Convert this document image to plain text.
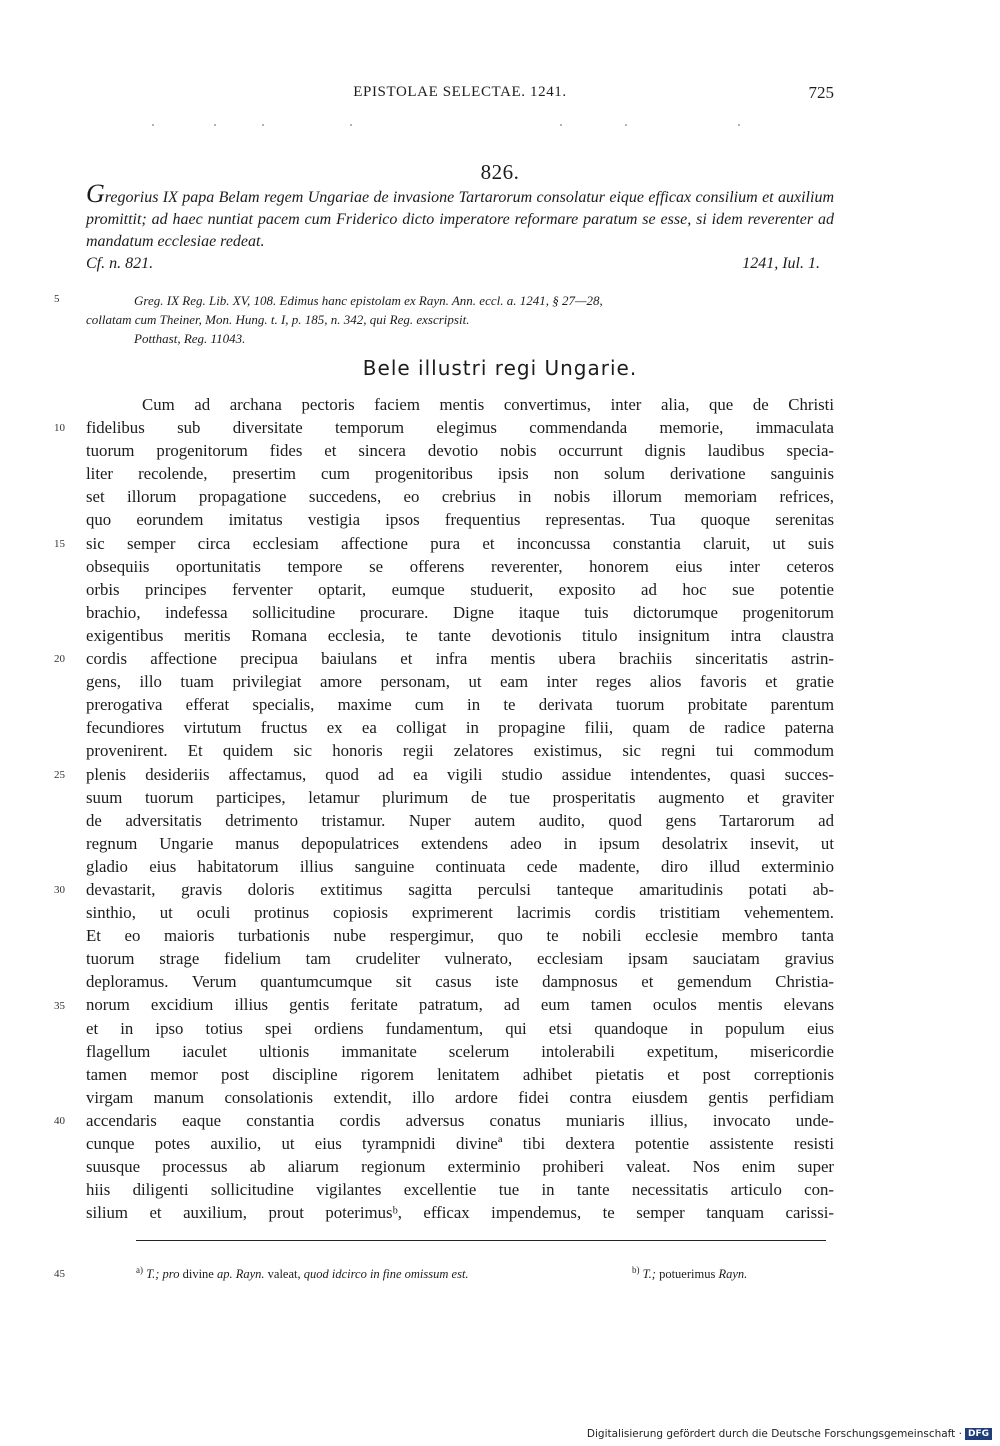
EPISTOLAE SELECTAE. 1241.	725
826.

Gregorius IX papa Belam regem Ungariae de invasione Tartarorum consolatur eique efficax consilium et auxilium promittit; ad haec nuntiat pacem cum Friderico dicto imperatore reformare paratum se esse, si idem reverenter ad mandatum ecclesiae redeat.

Cf. n. 821.	1241, Iul. 1.
Greg. IX Reg. Lib. XV, 108. Edimus hanc epistolam ex Rayn. Ann. eccl. a. 1241, § 27—28,
collatam cum Theiner, Mon. Hung. t. I, p. 185, n. 342, qui Reg. exscripsit.
Potthast, Reg. 11043.
Bele illustri regi Ungarie.
Cum ad archana pectoris faciem mentis convertimus, inter alia, que de Christi
fidelibus sub diversitate temporum elegimus commendanda memorie, immaculata
tuorum progenitorum fides et sincera devotio nobis occurrunt dignis laudibus specia-
liter recolende, presertim cum progenitoribus ipsis non solum derivatione sanguinis
set illorum propagatione succedens, eo crebrius in nobis illorum memoriam refrices,
quo eorundem imitatus vestigia ipsos frequentius representas. Tua quoque serenitas
sic semper circa ecclesiam affectione pura et inconcussa constantia claruit, ut suis
obsequiis oportunitatis tempore se offerens reverenter, honorem eius inter ceteros
orbis principes ferventer optarit, eumque studuerit, exposito ad hoc sue potentie
brachio, indefessa sollicitudine procurare. Digne itaque tuis dictorumque progenitorum
exigentibus meritis Romana ecclesia, te tante devotionis titulo insignitum intra claustra
cordis affectione precipua baiulans et infra mentis ubera brachiis sinceritatis astrin-
gens, illo tuam privilegiat amore personam, ut eam inter reges alios favoris et gratie
prerogativa efferat specialis, maxime cum in te derivata tuorum probitate parentum
fecundiores virtutum fructus ex ea colligat in propagine filii, quam de radice paterna
provenirent. Et quidem sic honoris regii zelatores existimus, sic regni tui commodum
plenis desideriis affectamus, quod ad ea vigili studio assidue intendentes, quasi succes-
suum tuorum participes, letamur plurimum de tue prosperitatis augmento et graviter
de adversitatis detrimento tristamur. Nuper autem audito, quod gens Tartarorum ad
regnum Ungarie manus depopulatrices extendens adeo in ipsum desolatrix insevit, ut
gladio eius habitatorum illius sanguine continuata cede madente, diro illud exterminio
devastarit, gravis doloris extitimus sagitta perculsi tanteque amaritudinis potati ab-
sinthio, ut oculi protinus copiosis exprimerent lacrimis cordis tristitiam vehementem.
Et eo maioris turbationis nube respergimur, quo te nobili ecclesie membro tanta
tuorum strage fidelium tam crudeliter vulnerato, ecclesiam ipsam sauciatam gravius
deploramus. Verum quantumcumque sit casus iste dampnosus et gemendum Christia-
norum excidium illius gentis feritate patratum, ad eum tamen oculos mentis elevans
et in ipso totius spei ordiens fundamentum, qui etsi quandoque in populum eius
flagellum iaculet ultionis immanitate scelerum intolerabili expetitum, misericordie
tamen memor post discipline rigorem lenitatem adhibet pietatis et post correptionis
virgam manum consolationis extendit, illo ardore fidei contra eiusdem gentis perfidiam
accendaris eaque constantia cordis adversus conatus muniaris illius, invocato unde-
cunque potes auxilio, ut eius tyrampnidi divineª tibi dextera potentie assistente resisti
suusque processus ab aliarum regionum exterminio prohiberi valeat. Nos enim super
hiis diligenti sollicitudine vigilantes excellentie tue in tante necessitatis articulo con-
silium et auxilium, prout poterimusᵇ, efficax impendemus, te semper tanquam carissi-
5
10
15
20
25
30
35
40
45	$^{a)}$ T.; pro divine ap. Rayn. valeat, quod idcirco in fine omissum est.	$^{b)}$ T.; potuerimus Rayn.
Digitalisierung gefördert durch die Deutsche Forschungsgemeinschaft · DFG
